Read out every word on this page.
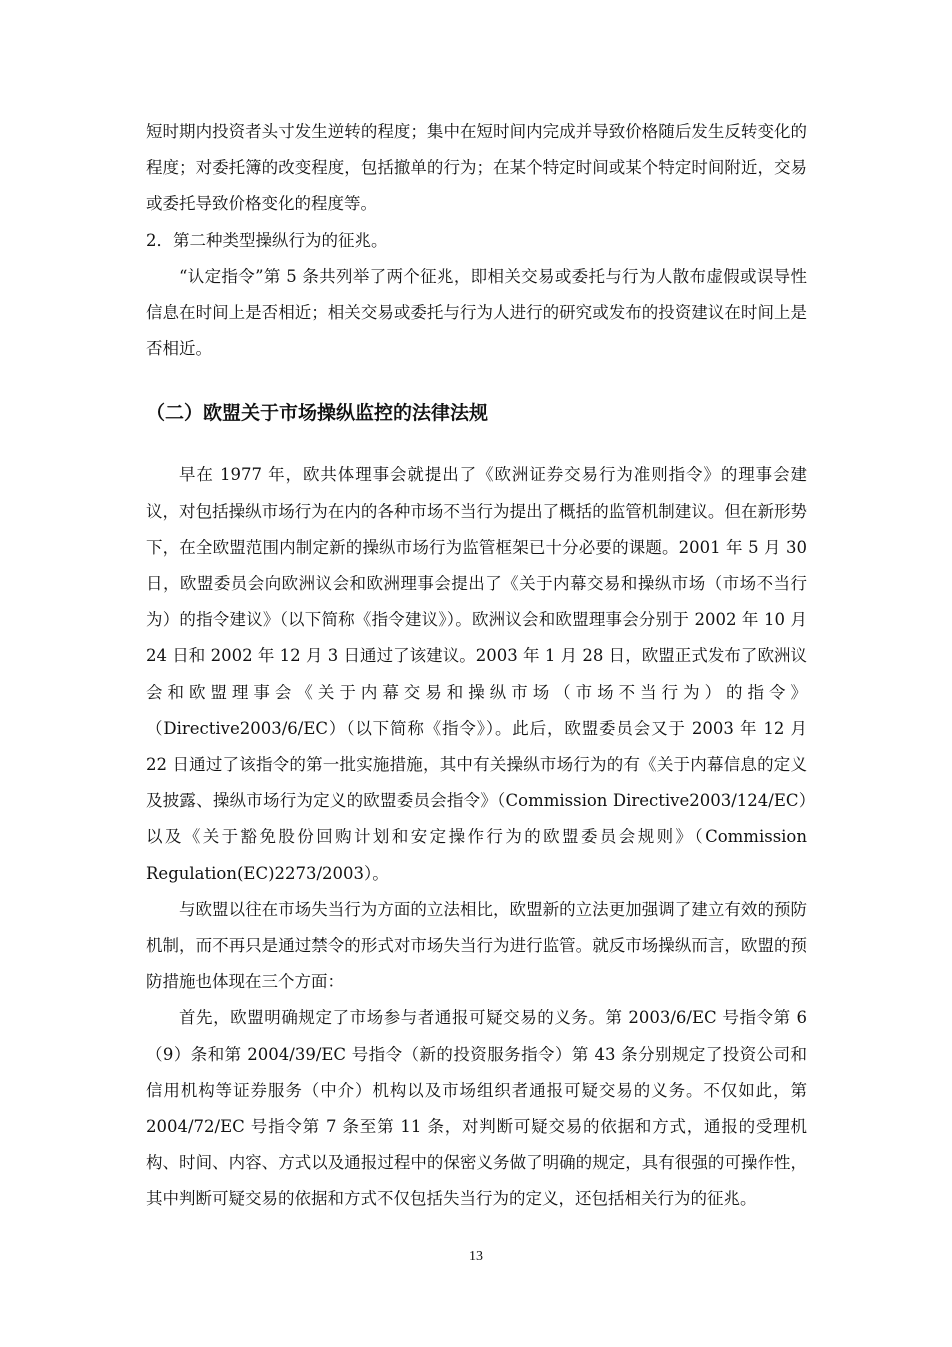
短时期内投资者头寸发生逆转的程度；集中在短时间内完成并导致价格随后发生反转变化的程度；对委托簿的改变程度，包括撤单的行为；在某个特定时间或某个特定时间附近，交易或委托导致价格变化的程度等。

2．第二种类型操纵行为的征兆。

“认定指令”第 5 条共列举了两个征兆，即相关交易或委托与行为人散布虚假或误导性信息在时间上是否相近；相关交易或委托与行为人进行的研究或发布的投资建议在时间上是否相近。

（二）欧盟关于市场操纵监控的法律法规

早在 1977 年，欧共体理事会就提出了《欧洲证券交易行为准则指令》的理事会建议，对包括操纵市场行为在内的各种市场不当行为提出了概括的监管机制建议。但在新形势下，在全欧盟范围内制定新的操纵市场行为监管框架已十分必要的课题。2001 年 5 月 30 日，欧盟委员会向欧洲议会和欧洲理事会提出了《关于内幕交易和操纵市场（市场不当行为）的指令建议》（以下简称《指令建议》）。欧洲议会和欧盟理事会分别于 2002 年 10 月 24 日和 2002 年 12 月 3 日通过了该建议。2003 年 1 月 28 日，欧盟正式发布了欧洲议会和欧盟理事会《关于内幕交易和操纵市场（市场不当行为）的指令》（Directive2003/6/EC）（以下简称《指令》）。此后，欧盟委员会又于 2003 年 12 月 22 日通过了该指令的第一批实施措施，其中有关操纵市场行为的有《关于内幕信息的定义及披露、操纵市场行为定义的欧盟委员会指令》（Commission Directive2003/124/EC）以及《关于豁免股份回购计划和安定操作行为的欧盟委员会规则》（Commission Regulation(EC)2273/2003）。

与欧盟以往在市场失当行为方面的立法相比，欧盟新的立法更加强调了建立有效的预防机制，而不再只是通过禁令的形式对市场失当行为进行监管。就反市场操纵而言，欧盟的预防措施也体现在三个方面：

首先，欧盟明确规定了市场参与者通报可疑交易的义务。第 2003/6/EC 号指令第 6（9）条和第 2004/39/EC 号指令（新的投资服务指令）第 43 条分别规定了投资公司和信用机构等证券服务（中介）机构以及市场组织者通报可疑交易的义务。不仅如此，第 2004/72/EC 号指令第 7 条至第 11 条，对判断可疑交易的依据和方式，通报的受理机构、时间、内容、方式以及通报过程中的保密义务做了明确的规定，具有很强的可操作性，其中判断可疑交易的依据和方式不仅包括失当行为的定义，还包括相关行为的征兆。

13
